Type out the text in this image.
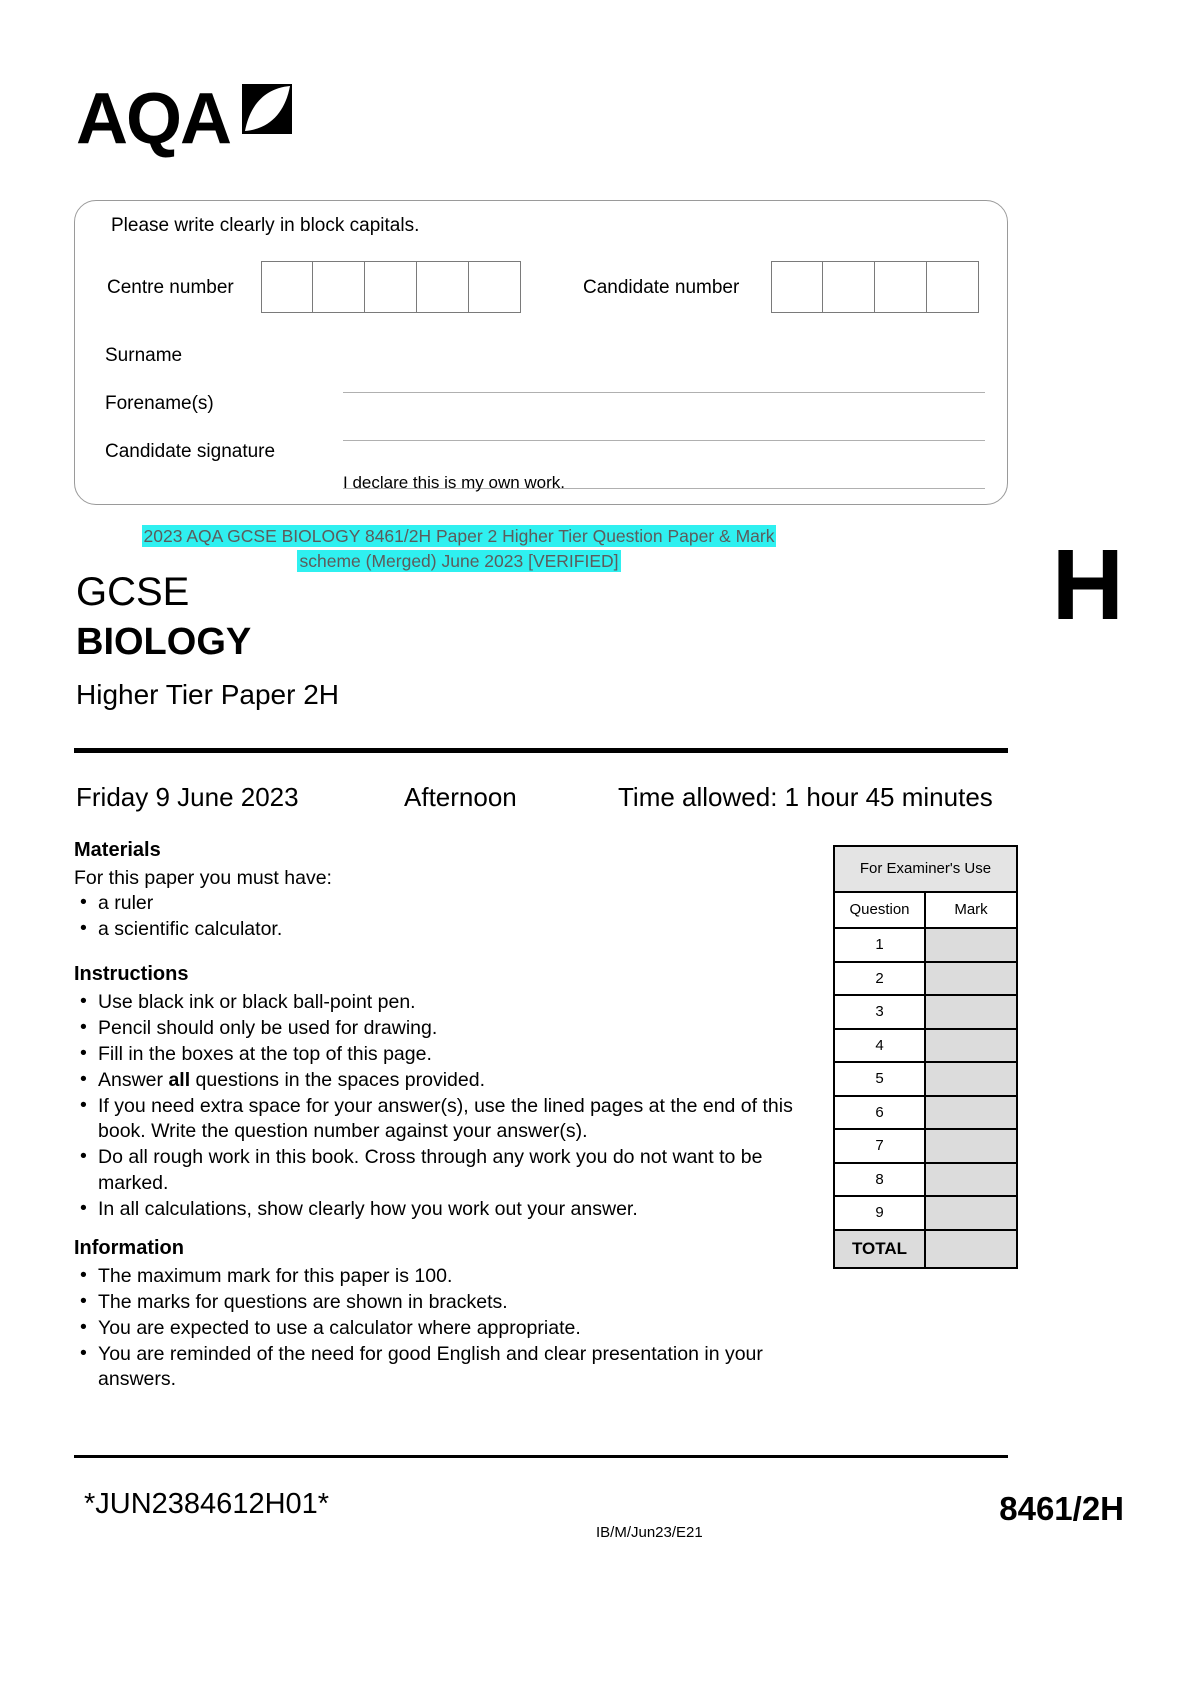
AQA
Please write clearly in block capitals.
Centre number	Candidate number
Surname
Forename(s)
Candidate signature
I declare this is my own work.
2023 AQA GCSE BIOLOGY 8461/2H Paper 2 Higher Tier Question Paper & Mark
scheme (Merged) June 2023 [VERIFIED]
GCSE
BIOLOGY
Higher Tier Paper 2H
H
Friday 9 June 2023	Afternoon	Time allowed: 1 hour 45 minutes
Materials

For this paper you must have:

• a ruler
• a scientific calculator.
Instructions
• Use black ink or black ball-point pen.
• Pencil should only be used for drawing.
• Fill in the boxes at the top of this page.
• Answer all questions in the spaces provided.
• If you need extra space for your answer(s), use the lined pages at the end of this book. Write the question number against your answer(s).
• Do all rough work in this book. Cross through any work you do not want to be marked.
• In all calculations, show clearly how you work out your answer.
Information
• The maximum mark for this paper is 100.
• The marks for questions are shown in brackets.
• You are expected to use a calculator where appropriate.
• You are reminded of the need for good English and clear presentation in your answers.
For Examiner's Use
Question	Mark
1
2
3
4
5
6
7
8
9
TOTAL
*JUN2384612H01*
IB/M/Jun23/E21
8461/2H
